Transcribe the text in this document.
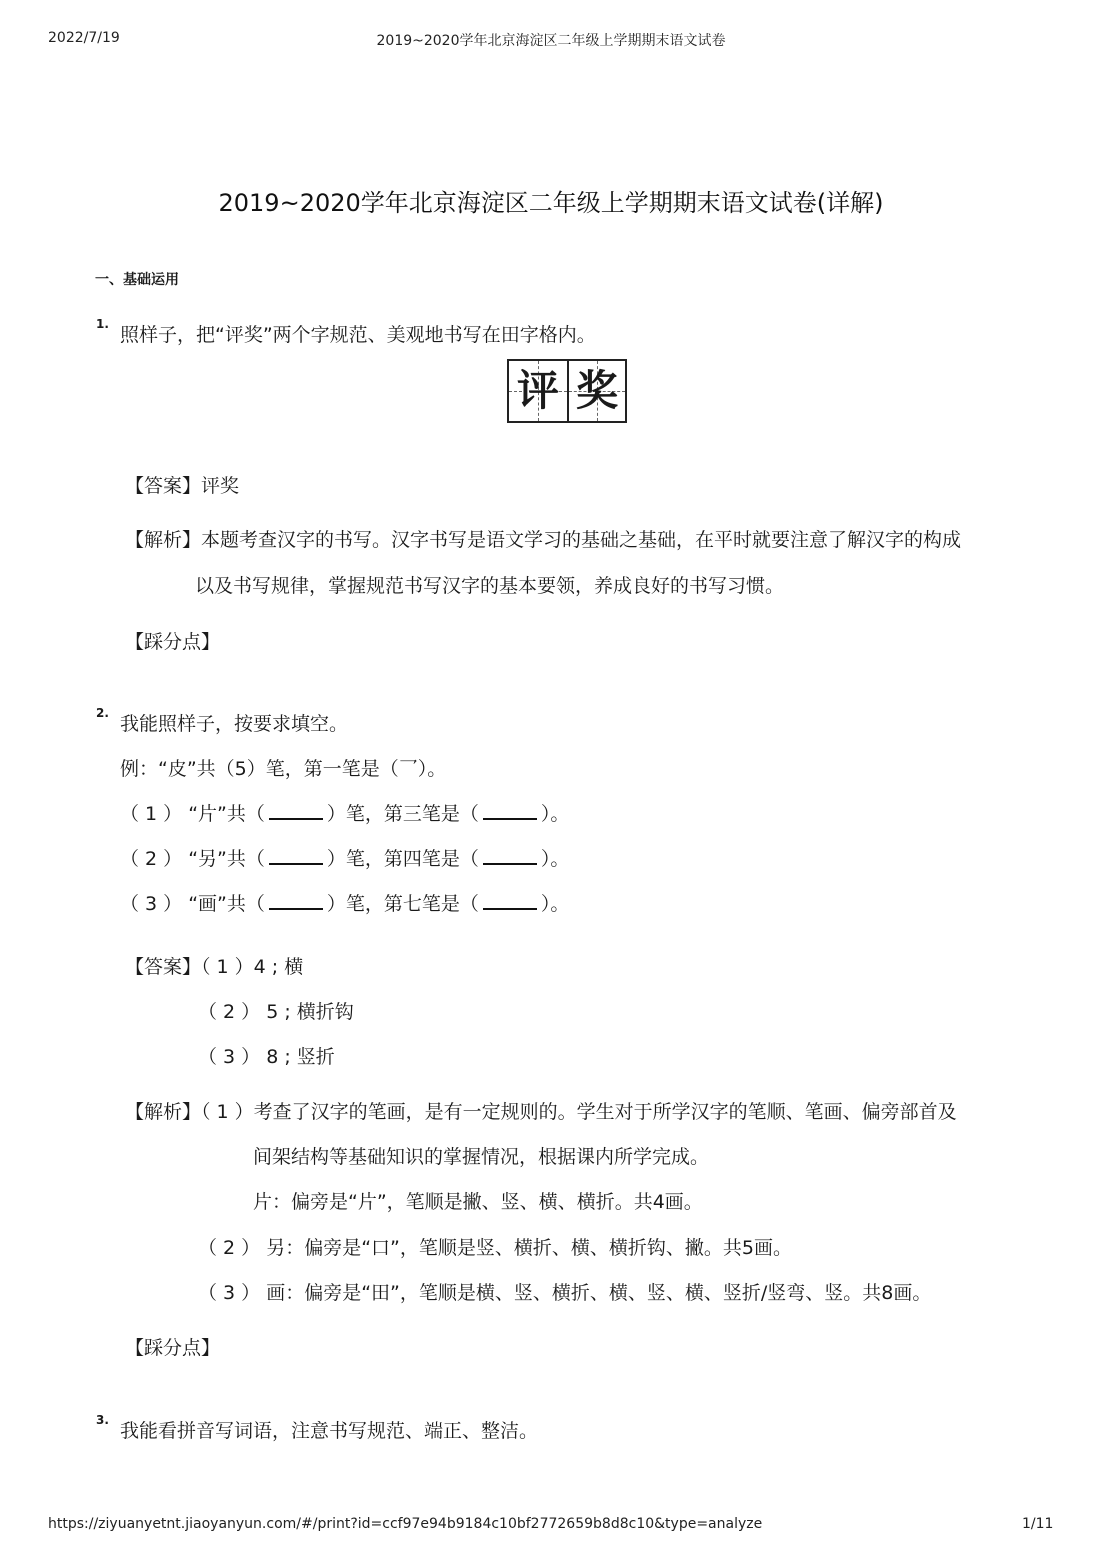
2022/7/19	2019~2020学年北京海淀区二年级上学期期末语文试卷
2019~2020学年北京海淀区二年级上学期期末语文试卷(详解)
一、基础运用
1. 照样子，把“评奖”两个字规范、美观地书写在田字格内。
评 奖
【答案】评奖
【解析】本题考查汉字的书写。汉字书写是语文学习的基础之基础，在平时就要注意了解汉字的构成
以及书写规律，掌握规范书写汉字的基本要领，养成良好的书写习惯。
【踩分点】
2. 我能照样子，按要求填空。
例：“皮”共（5）笔，第一笔是（乛）。
（ 1 ） “片”共（	）笔，第三笔是（	）。
（ 2 ） “另”共（	）笔，第四笔是（	）。
（ 3 ） “画”共（	）笔，第七笔是（	）。
【答案】（ 1 ）4 ; 横
（ 2 ） 5 ; 横折钩
（ 3 ） 8 ; 竖折
【解析】（ 1 ）考查了汉字的笔画，是有一定规则的。学生对于所学汉字的笔顺、笔画、偏旁部首及
间架结构等基础知识的掌握情况，根据课内所学完成。
片：偏旁是“片”，笔顺是撇、竖、横、横折。共4画。
（ 2 ） 另：偏旁是“口”，笔顺是竖、横折、横、横折钩、撇。共5画。
（ 3 ） 画：偏旁是“田”，笔顺是横、竖、横折、横、竖、横、竖折/竖弯、竖。共8画。
【踩分点】
3. 我能看拼音写词语，注意书写规范、端正、整洁。
https://ziyuanyetnt.jiaoyanyun.com/#/print?id=ccf97e94b9184c10bf2772659b8d8c10&type=analyze	1/11
